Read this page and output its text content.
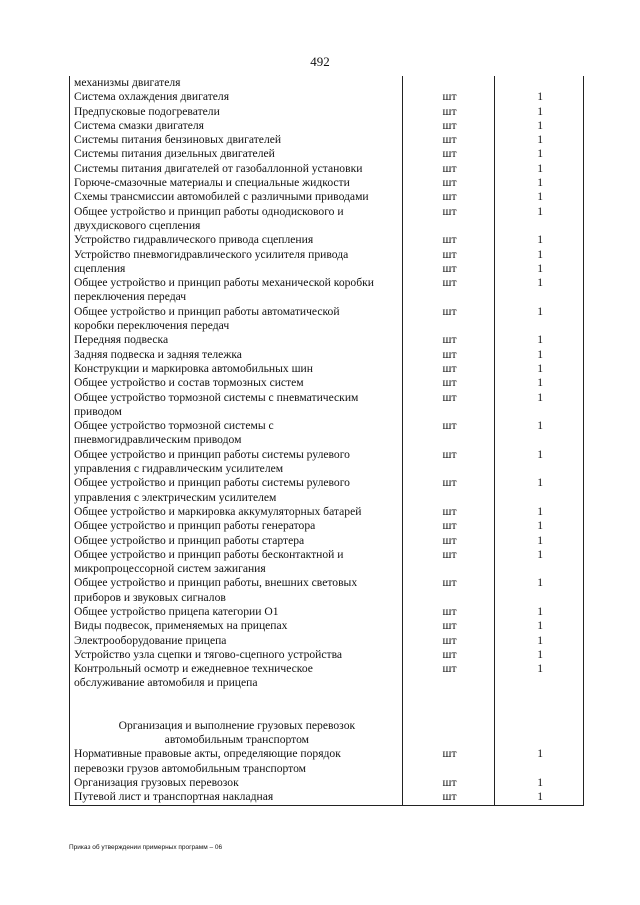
492
механизмы двигателя		

Система охлаждения двигателя	шт	1

Предпусковые подогреватели	шт	1

Система смазки двигателя	шт	1

Системы питания бензиновых двигателей	шт	1

Системы питания дизельных двигателей	шт	1

Системы питания двигателей от газобаллонной установки	шт	1

Горюче-смазочные материалы и специальные жидкости	шт	1

Схемы трансмиссии автомобилей с различными приводами	шт	1

Общее устройство и принцип работы однодискового и
двухдискового сцепления	шт	1

Устройство гидравлического привода сцепления	шт	1

Устройство пневмогидравлического усилителя привода	шт	1

сцепления	шт	1

Общее устройство и принцип работы механической коробки
переключения передач	шт	1

Общее устройство и принцип работы автоматической
коробки переключения передач	шт	1

Передняя подвеска	шт	1

Задняя подвеска и задняя тележка	шт	1

Конструкции и маркировка автомобильных шин	шт	1

Общее устройство и состав тормозных систем	шт	1

Общее устройство тормозной системы с пневматическим
приводом	шт	1

Общее устройство тормозной системы с
пневмогидравлическим приводом	шт	1

Общее устройство и принцип работы системы рулевого
управления с гидравлическим усилителем	шт	1

Общее устройство и принцип работы системы рулевого
управления с электрическим усилителем	шт	1

Общее устройство и маркировка аккумуляторных батарей	шт	1

Общее устройство и принцип работы генератора	шт	1

Общее устройство и принцип работы стартера	шт	1

Общее устройство и принцип работы бесконтактной и
микропроцессорной систем зажигания	шт	1

Общее устройство и принцип работы, внешних световых
приборов и звуковых сигналов	шт	1

Общее устройство прицепа категории О1	шт	1

Виды подвесок, применяемых на прицепах	шт	1

Электрооборудование прицепа	шт	1

Устройство узла сцепки и тягово-сцепного устройства	шт	1

Контрольный осмотр и ежедневное техническое
обслуживание автомобиля и прицепа	шт	1

Организация и выполнение грузовых перевозок
автомобильным транспортом		

Нормативные правовые акты, определяющие порядок
перевозки грузов автомобильным транспортом	шт	1

Организация грузовых перевозок	шт	1

Путевой лист и транспортная накладная	шт	1
Приказ об утверждении примерных программ – 06
